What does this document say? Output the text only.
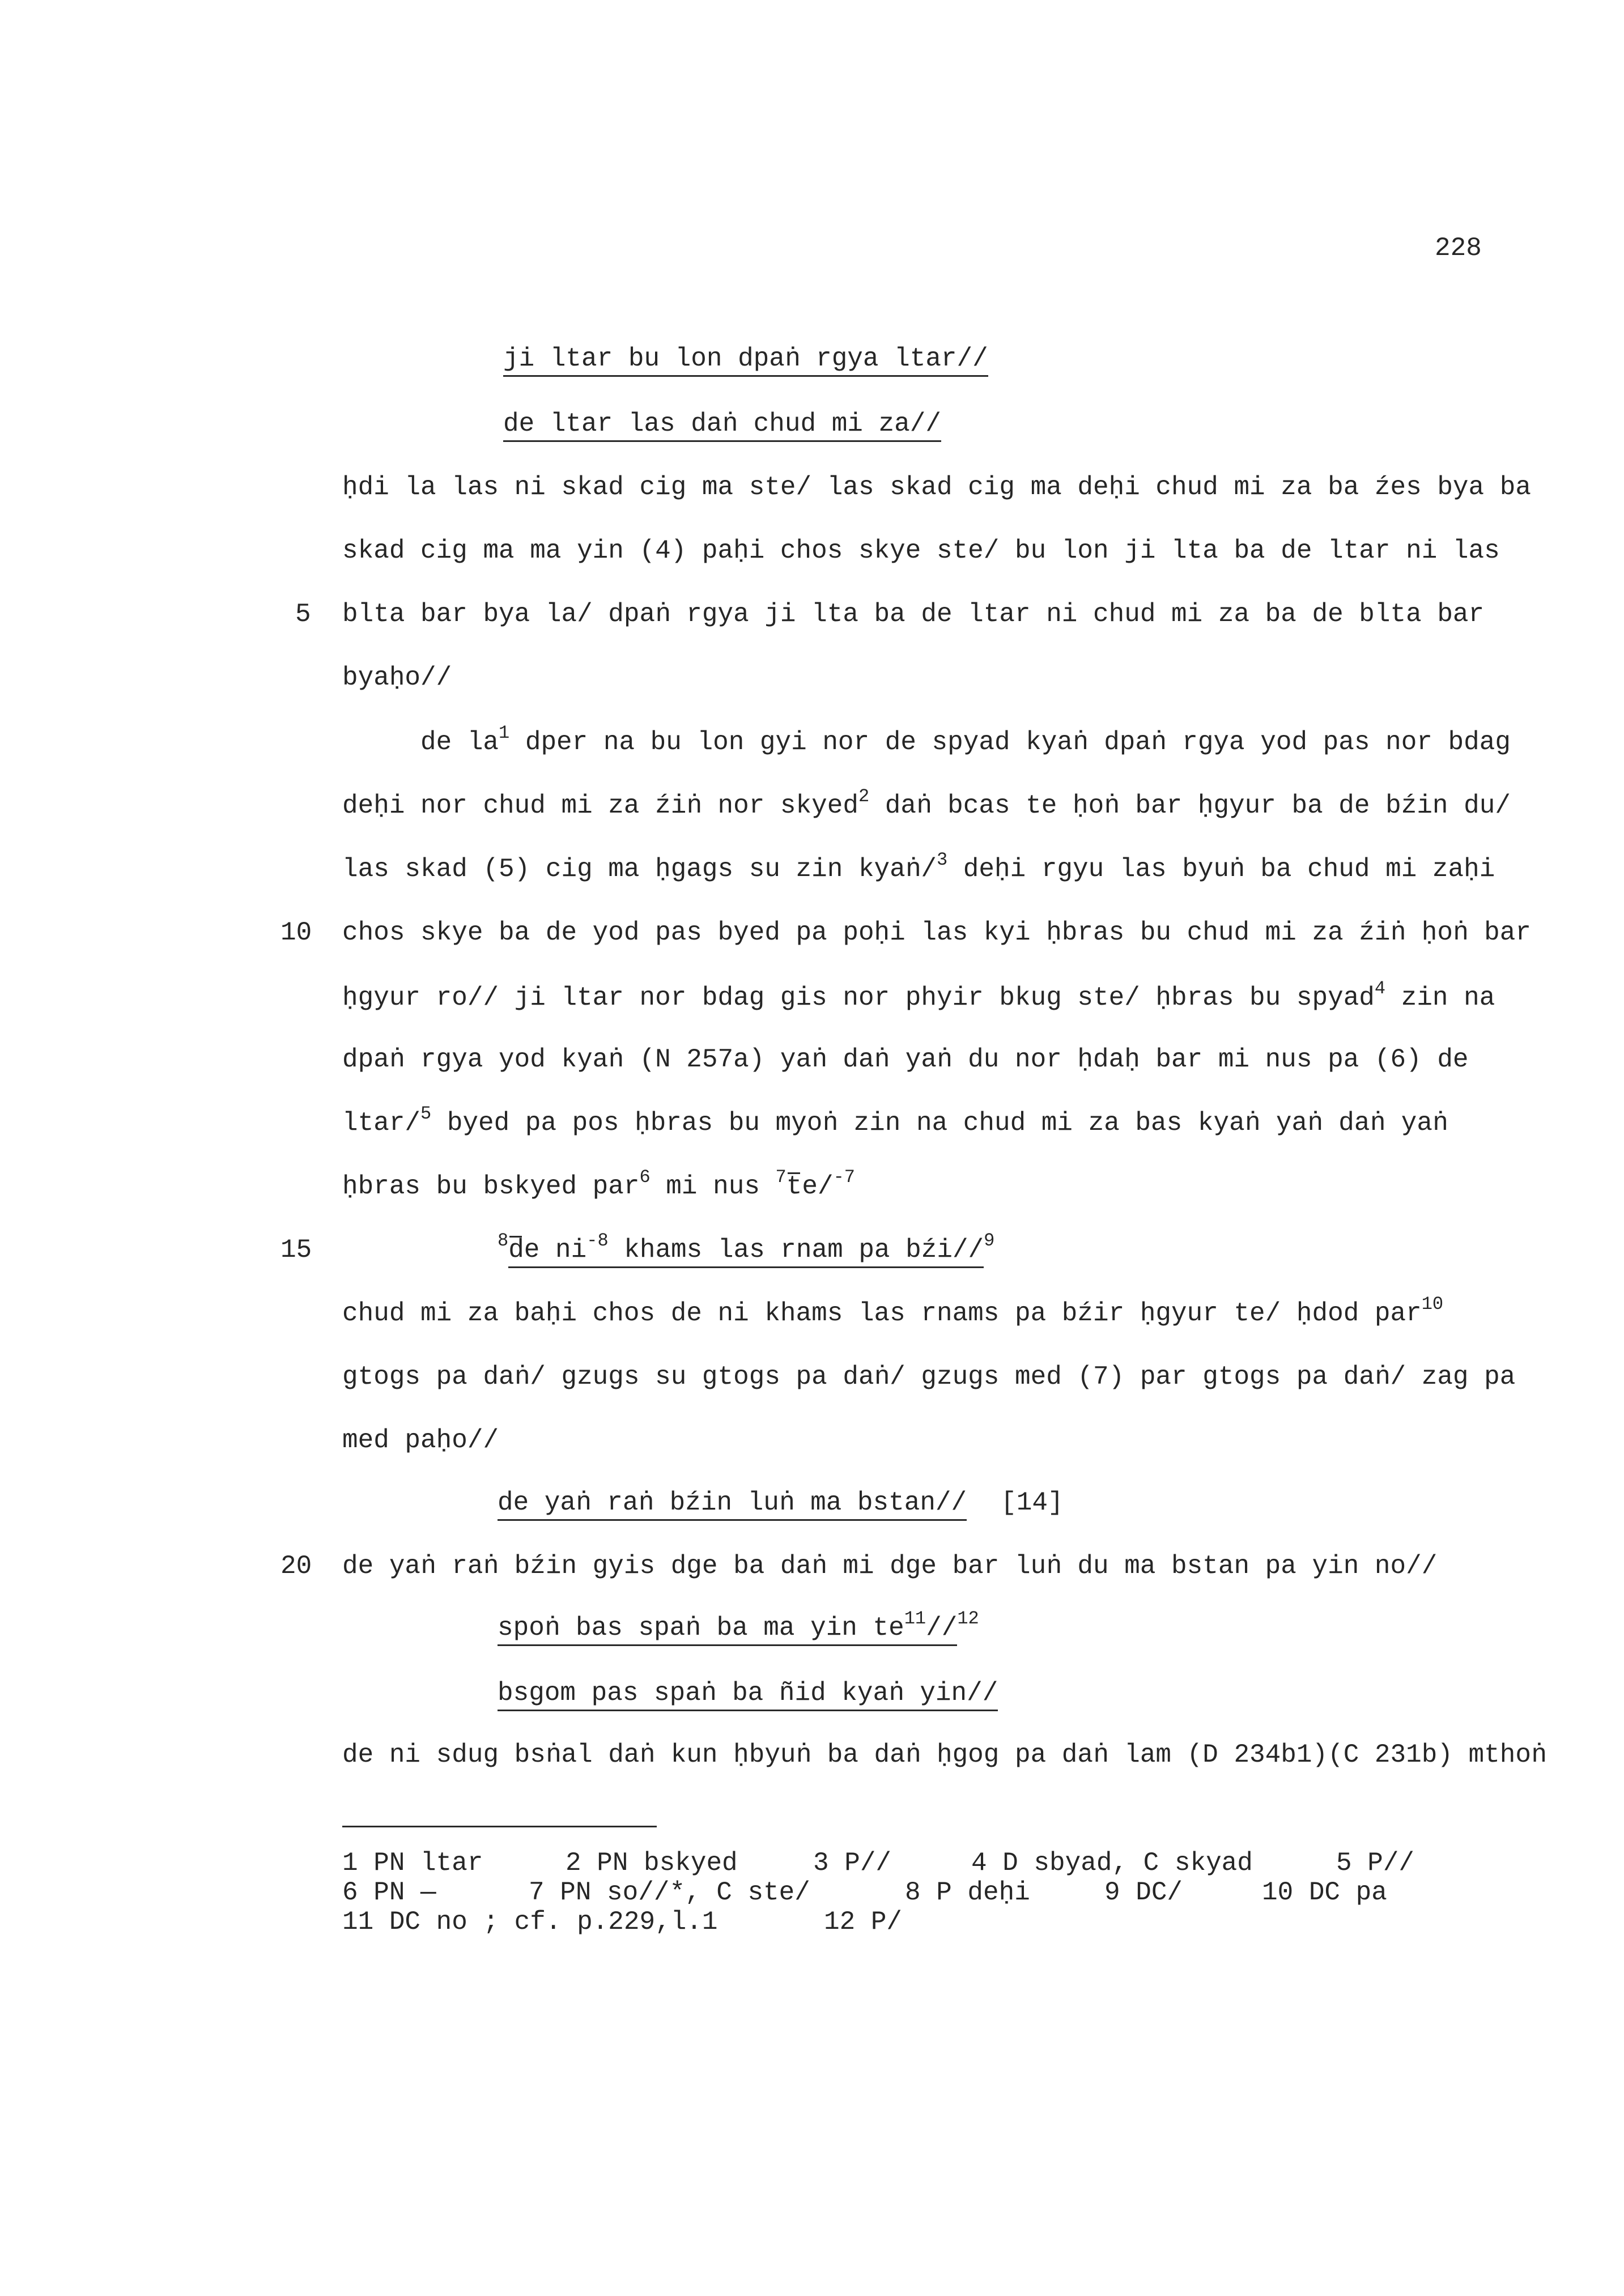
228
5
10
15
20
ji ltar bu lon dpaṅ rgya ltar//
de ltar las daṅ chud mi za//
ḥdi la las ni skad cig ma ste/ las skad cig ma deḥi chud mi za ba źes bya ba
skad cig ma ma yin (4) paḥi chos skye ste/ bu lon ji lta ba de ltar ni las
blta bar bya la/ dpaṅ rgya ji lta ba de ltar ni chud mi za ba de blta bar
byaḥo//
de $la^1$ dper na bu lon gyi nor de spyad kyaṅ dpaṅ rgya yod pas nor bdag
deḥi nor chud mi za źiṅ nor skyed$^2$ daṅ bcas te ḥoṅ bar ḥgyur ba de bźin du/
las skad (5) cig ma ḥgags su zin kyaṅ/$^3$ deḥi rgyu las byuṅ ba chud mi zaḥi
chos skye ba de yod pas byed pa poḥi las kyi ḥbras bu chud mi za źiṅ ḥoṅ bar
ḥgyur ro// ji ltar nor bdag gis nor phyir bkug ste/ ḥbras bu spyad$^4$ zin na
dpaṅ rgya yod kyaṅ (N 257a) yaṅ daṅ yaṅ du nor ḥdaḥ bar mi nus pa (6) de
ltar/$^5$ byed pa pos ḥbras bu myoṅ zin na chud mi za bas kyaṅ yaṅ daṅ yaṅ
ḥbras bu bskyed par$^6$ mi nus $^7$te/$^{-7}$
$^8$de $ni^{-8}$ khams las rnam pa bźi//$^9$
chud mi za baḥi chos de ni khams las rnams pa bźir ḥgyur te/ ḥdod par$^{10}$
gtogs pa daṅ/ gzugs su gtogs pa daṅ/ gzugs med (7) par gtogs pa daṅ/ zag pa
med paḥo//
de yaṅ raṅ bźin luṅ ma bstan// [14]
de yaṅ raṅ bźin gyis dge ba daṅ mi dge bar luṅ du ma bstan pa yin no//
spoṅ bas spaṅ ba ma yin $te^{11}//^{12}$
bsgom pas spaṅ ba ñid kyaṅ yin//
de ni sdug bsṅal daṅ kun ḥbyuṅ ba daṅ ḥgog pa daṅ lam (D 234b1)(C 231b) mthoṅ
1 PN ltar	2 PN bskyed	3 P//	4 D sbyad, C skyad	5 P//
6 PN —	7 PN so//*, C ste/	8 P deḥi	9 DC/	10 DC pa
11 DC no ; cf. p.229,l.1	12 P/
